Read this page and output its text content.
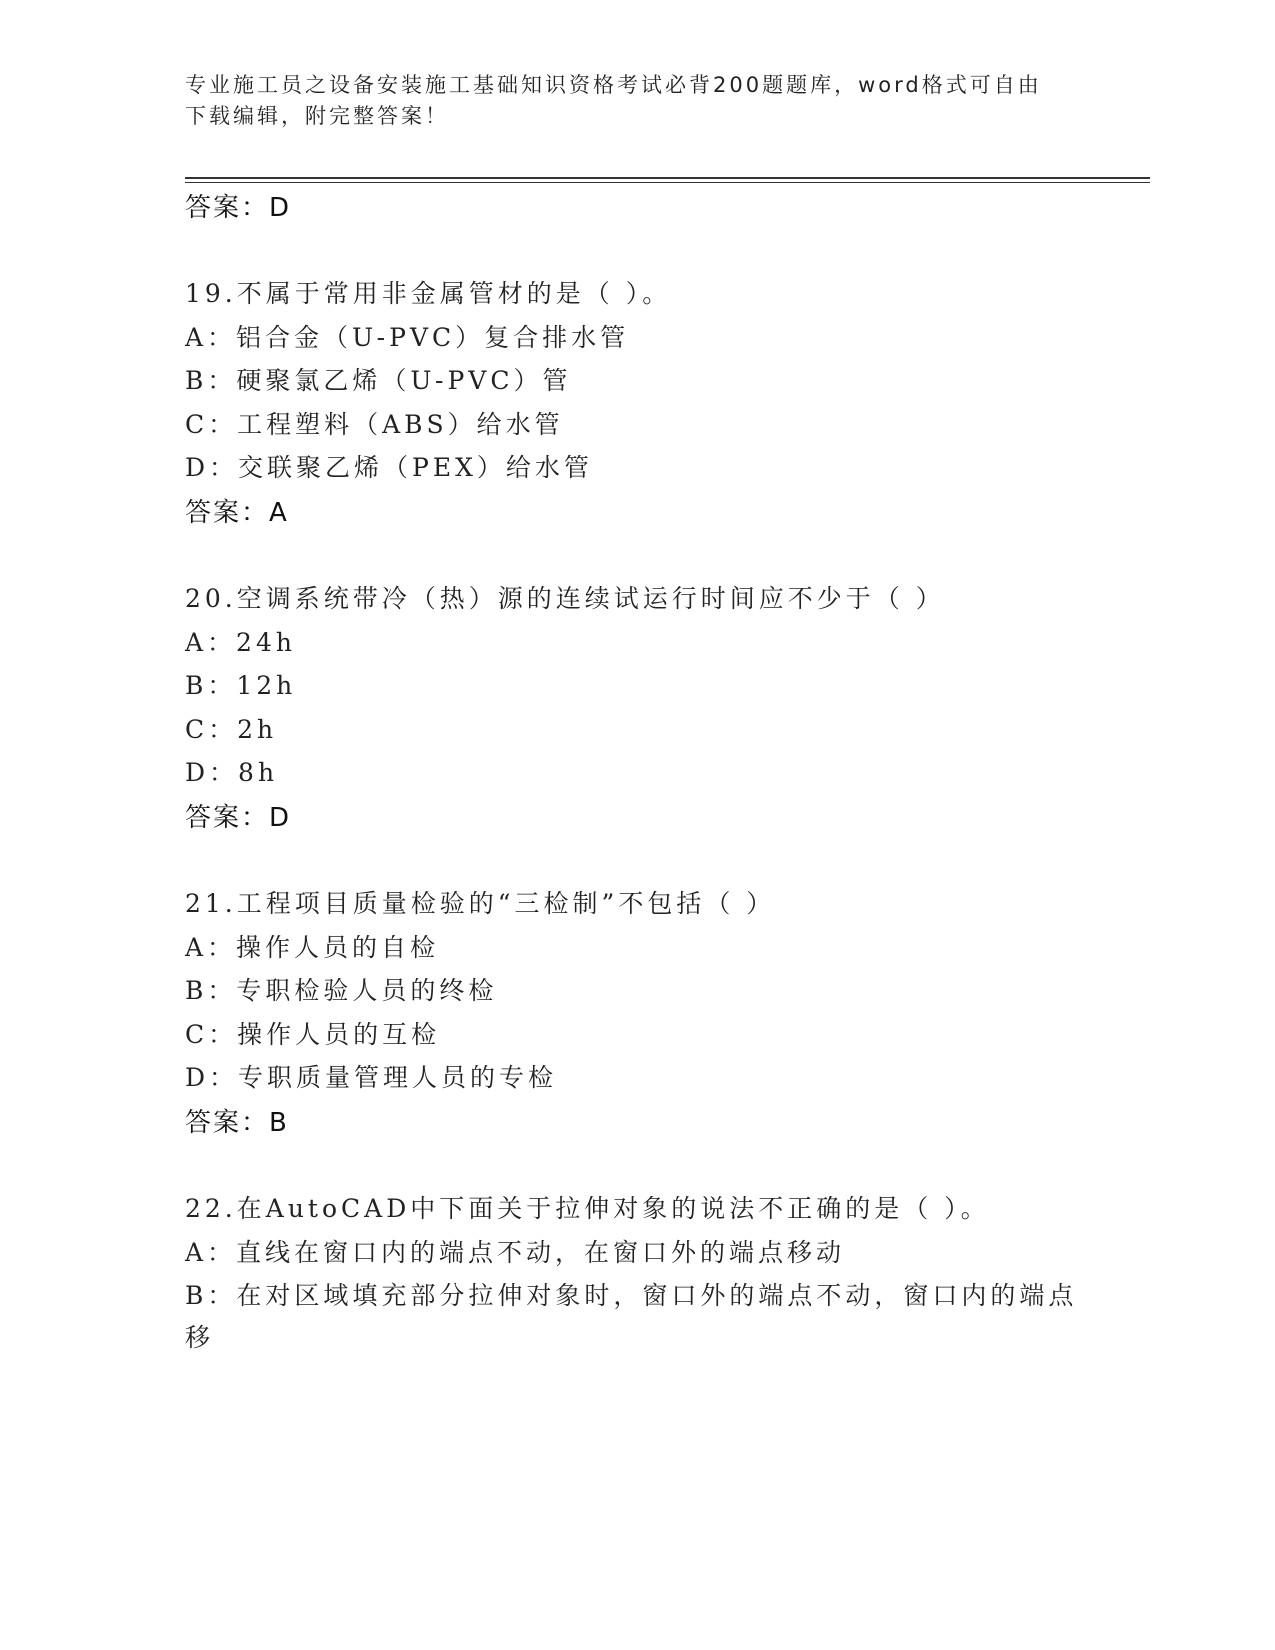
专业施工员之设备安装施工基础知识资格考试必背200题题库，word格式可自由
下载编辑，附完整答案！
答案：D
19.不属于常用非金属管材的是（ ）。
A：铝合金（U-PVC）复合排水管
B：硬聚氯乙烯（U-PVC）管
C：工程塑料（ABS）给水管
D：交联聚乙烯（PEX）给水管
答案：A
20.空调系统带冷（热）源的连续试运行时间应不少于（ ）
A：24h
B：12h
C：2h
D：8h
答案：D
21.工程项目质量检验的“三检制”不包括（ ）
A：操作人员的自检
B：专职检验人员的终检
C：操作人员的互检
D：专职质量管理人员的专检
答案：B
22.在AutoCAD中下面关于拉伸对象的说法不正确的是（ ）。
A：直线在窗口内的端点不动，在窗口外的端点移动
B：在对区域填充部分拉伸对象时，窗口外的端点不动，窗口内的端点
移
